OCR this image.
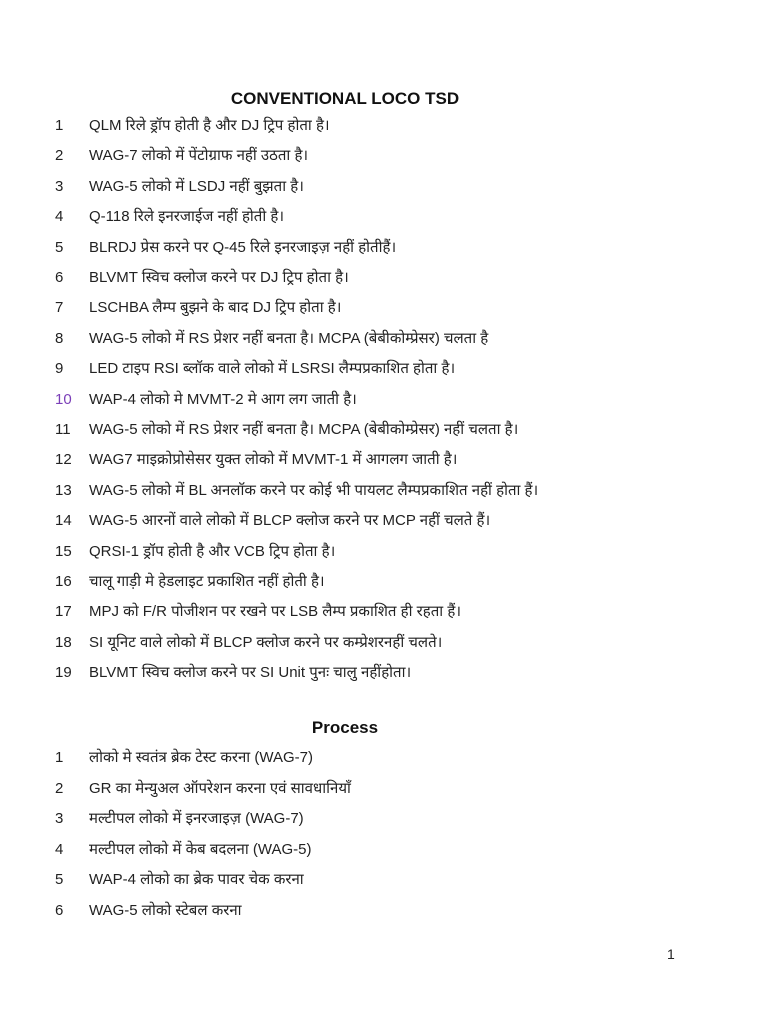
CONVENTIONAL LOCO TSD
1	QLM रिले ड्रॉप होती है और DJ ट्रिप होता है।
2	WAG-7 लोको में पेंटोग्राफ नहीं उठता है।
3	WAG-5 लोको में LSDJ नहीं बुझता है।
4	Q-118 रिले इनरजाईज नहीं होती है।
5	BLRDJ प्रेस करने पर Q-45 रिले इनरजाइज़ नहीं होतीहैं।
6	BLVMT स्विच क्लोज करने पर DJ ट्रिप होता है।
7	LSCHBA लैम्प बुझने के बाद DJ ट्रिप होता है।
8	WAG-5 लोको में RS प्रेशर नहीं बनता है। MCPA (बेबीकोम्प्रेसर) चलता है
9	LED टाइप RSI ब्लॉक वाले लोको में LSRSI लैम्पप्रकाशित होता है।
10	WAP-4 लोको मे MVMT-2 मे आग लग जाती है।
11	WAG-5 लोको में RS प्रेशर नहीं बनता है। MCPA (बेबीकोम्प्रेसर) नहीं चलता है।
12	WAG7 माइक्रोप्रोसेसर युक्त लोको में MVMT-1 में आगलग जाती है।
13	WAG-5 लोको में BL अनलॉक करने पर कोई भी पायलट लैम्पप्रकाशित नहीं होता हैं।
14	WAG-5 आरनों वाले लोको में BLCP क्लोज करने पर MCP नहीं चलते हैं।
15	QRSI-1 ड्रॉप होती है और VCB ट्रिप होता है।
16	चालू गाड़ी मे हेडलाइट प्रकाशित नहीं होती है।
17	MPJ को F/R पोजीशन पर रखने पर LSB लैम्प प्रकाशित ही रहता हैं।
18	SI यूनिट वाले लोको में BLCP क्लोज करने पर कम्प्रेशरनहीं चलते।
19	BLVMT स्विच क्लोज करने पर SI Unit पुनः चालु नहींहोता।
Process
1	लोको मे स्वतंत्र ब्रेक टेस्ट करना (WAG-7)
2	GR का मेन्युअल ऑपरेशन करना एवं सावधानियाँ
3	मल्टीपल लोको में इनरजाइज़ (WAG-7)
4	मल्टीपल लोको में केब बदलना (WAG-5)
5	WAP-4 लोको का ब्रेक पावर चेक करना
6	WAG-5 लोको स्टेबल करना
1
